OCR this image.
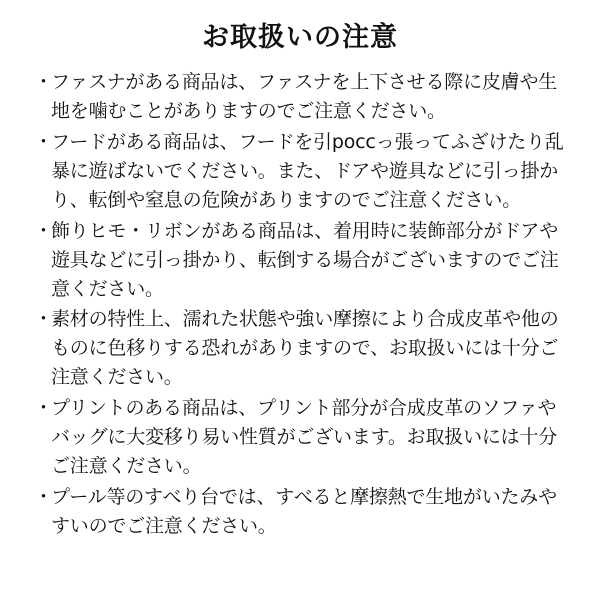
お取扱いの注意
・
ファスナがある商品は、ファスナを上下させる際に皮膚や生地を噛むことがありますのでご注意ください。
・
フードがある商品は、フードを引россっ張ってふざけたり乱暴に遊ばないでください。また、ドアや遊具などに引っ掛かり、転倒や窒息の危険がありますのでご注意ください。
・
飾りヒモ・リボンがある商品は、着用時に装飾部分がドアや遊具などに引っ掛かり、転倒する場合がございますのでご注意ください。
・
素材の特性上、濡れた状態や強い摩擦により合成皮革や他のものに色移りする恐れがありますので、お取扱いには十分ご注意ください。
・
プリントのある商品は、プリント部分が合成皮革のソファやバッグに大変移り易い性質がございます。お取扱いには十分ご注意ください。
・
プール等のすべり台では、すべると摩擦熱で生地がいたみやすいのでご注意ください。
